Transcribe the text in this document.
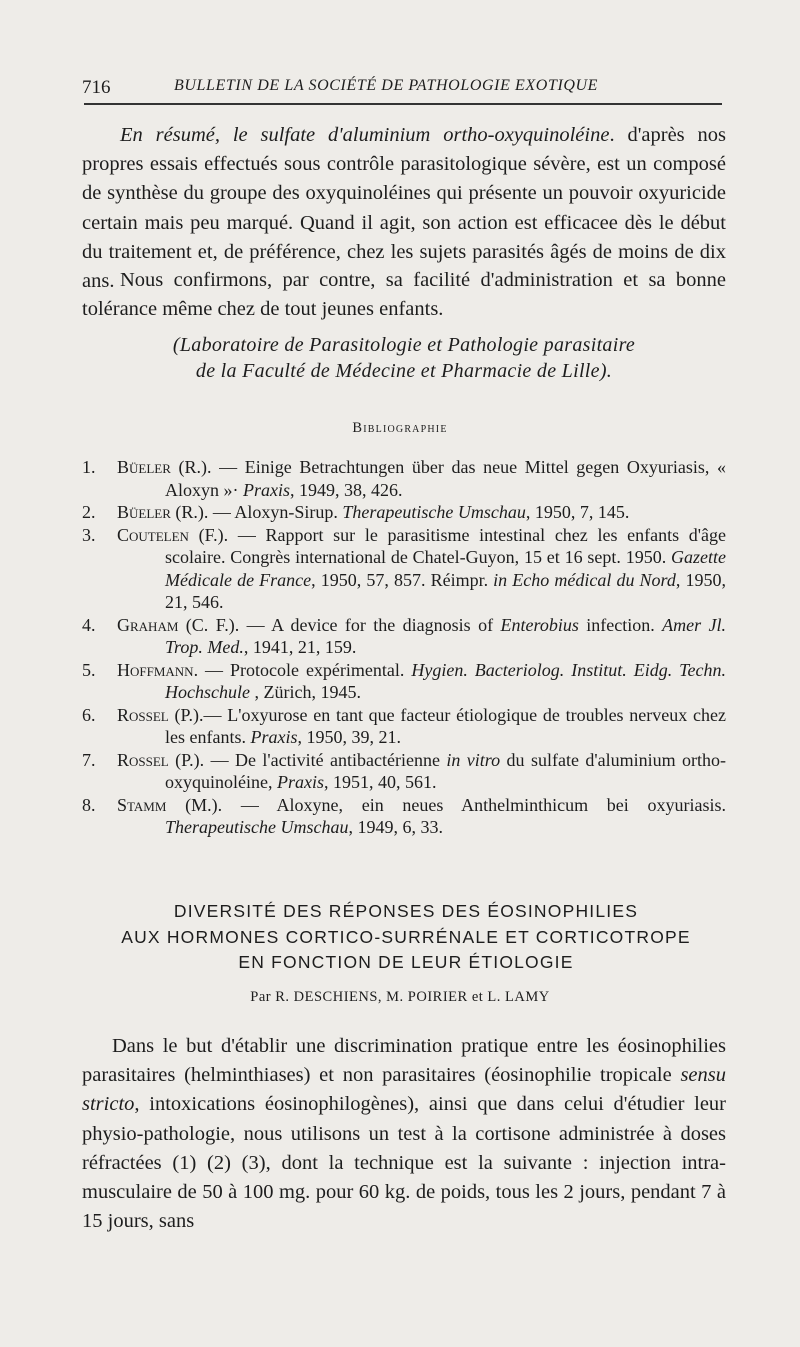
716	BULLETIN DE LA SOCIÉTÉ DE PATHOLOGIE EXOTIQUE

En résumé, le sulfate d'aluminium ortho-oxyquinoléine. d'après nos propres essais effectués sous contrôle parasitologique sévère, est un composé de synthèse du groupe des oxyquinoléines qui présente un pouvoir oxyuricide certain mais peu marqué. Quand il agit, son action est efficacee dès le début du traitement et, de préférence, chez les sujets parasités âgés de moins de dix ans. Nous confirmons, par contre, sa facilité d'administration et sa bonne tolérance même chez de tout jeunes enfants.

(Laboratoire de Parasitologie et Pathologie parasitaire
de la Faculté de Médecine et Pharmacie de Lille).

Bibliographie

1. Büeler (R.). — Einige Betrachtungen über das neue Mittel gegen Oxyuriasis, « Aloxyn »· Praxis, 1949, 38, 426.
2. Büeler (R.). — Aloxyn-Sirup. Therapeutische Umschau, 1950, 7, 145.
3. Coutelen (F.). — Rapport sur le parasitisme intestinal chez les enfants d'âge scolaire. Congrès international de Chatel-Guyon, 15 et 16 sept. 1950. Gazette Médicale de France, 1950, 57, 857. Réimpr. in Echo médical du Nord, 1950, 21, 546.
4. Graham (C. F.). — A device for the diagnosis of Enterobius infection. Amer Jl. Trop. Med., 1941, 21, 159.
5. Hoffmann. — Protocole expérimental. Hygien. Bacteriolog. Institut. Eidg. Techn. Hochschule , Zürich, 1945.
6. Rossel (P.).— L'oxyurose en tant que facteur étiologique de troubles nerveux chez les enfants. Praxis, 1950, 39, 21.
7. Rossel (P.). — De l'activité antibactérienne in vitro du sulfate d'aluminium ortho-oxyquinoléine, Praxis, 1951, 40, 561.
8. Stamm (M.). — Aloxyne, ein neues Anthelminthicum bei oxyuriasis. Therapeutische Umschau, 1949, 6, 33.
DIVERSITÉ DES RÉPONSES DES ÉOSINOPHILIES
AUX HORMONES CORTICO-SURRÉNALE ET CORTICOTROPE
EN FONCTION DE LEUR ÉTIOLOGIE

Par R. DESCHIENS, M. POIRIER et L. LAMY

Dans le but d'établir une discrimination pratique entre les éosinophilies parasitaires (helminthiases) et non parasitaires (éosinophilie tropicale sensu stricto, intoxications éosinophilogènes), ainsi que dans celui d'étudier leur physio-pathologie, nous utilisons un test à la cortisone administrée à doses réfractées (1) (2) (3), dont la technique est la suivante : injection intra-musculaire de 50 à 100 mg. pour 60 kg. de poids, tous les 2 jours, pendant 7 à 15 jours, sans
